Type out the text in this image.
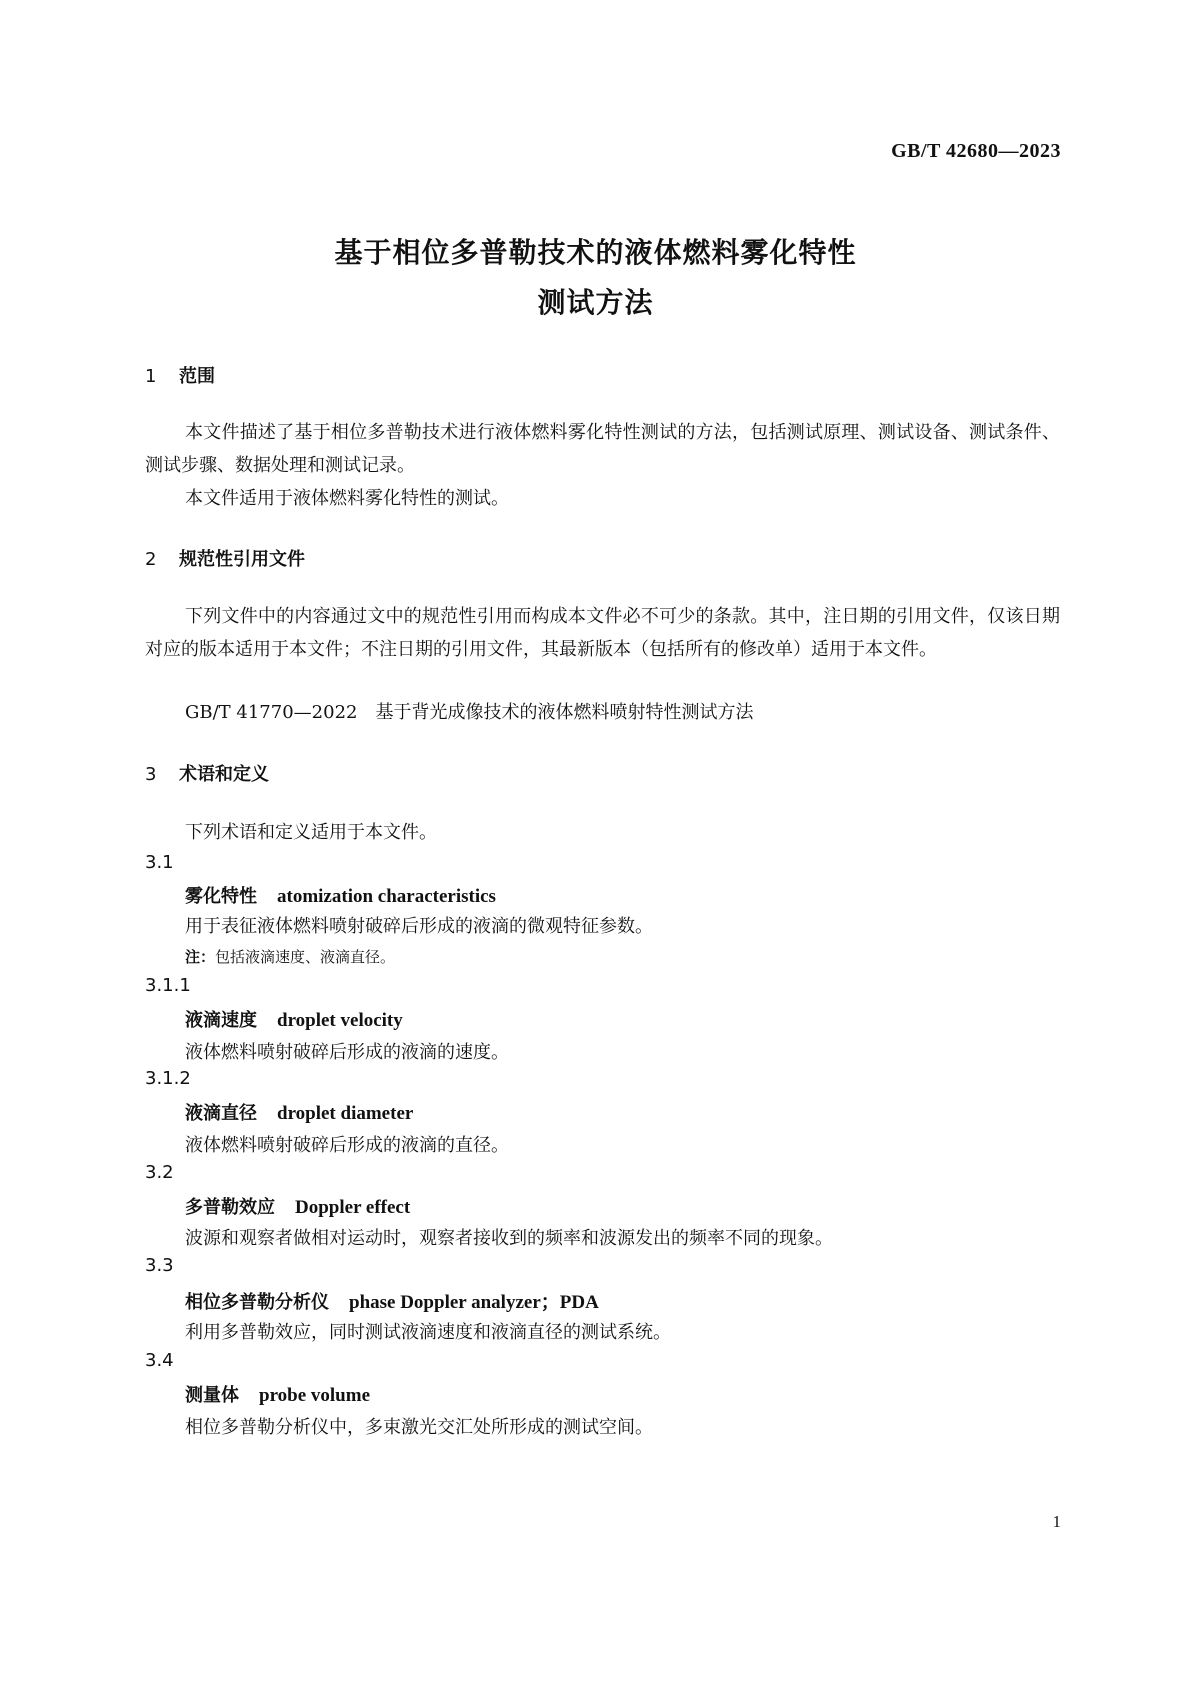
GB/T 42680—2023
基于相位多普勒技术的液体燃料雾化特性
测试方法
1 范围
本文件描述了基于相位多普勒技术进行液体燃料雾化特性测试的方法，包括测试原理、测试设备、测试条件、测试步骤、数据处理和测试记录。
本文件适用于液体燃料雾化特性的测试。
2 规范性引用文件
下列文件中的内容通过文中的规范性引用而构成本文件必不可少的条款。其中，注日期的引用文件，仅该日期对应的版本适用于本文件；不注日期的引用文件，其最新版本（包括所有的修改单）适用于本文件。
GB/T 41770—2022　基于背光成像技术的液体燃料喷射特性测试方法
3 术语和定义
下列术语和定义适用于本文件。
3.1
雾化特性 atomization characteristics
用于表征液体燃料喷射破碎后形成的液滴的微观特征参数。
注：包括液滴速度、液滴直径。
3.1.1
液滴速度 droplet velocity
液体燃料喷射破碎后形成的液滴的速度。
3.1.2
液滴直径 droplet diameter
液体燃料喷射破碎后形成的液滴的直径。
3.2
多普勒效应 Doppler effect
波源和观察者做相对运动时，观察者接收到的频率和波源发出的频率不同的现象。
3.3
相位多普勒分析仪 phase Doppler analyzer；PDA
利用多普勒效应，同时测试液滴速度和液滴直径的测试系统。
3.4
测量体 probe volume
相位多普勒分析仪中，多束激光交汇处所形成的测试空间。
1
